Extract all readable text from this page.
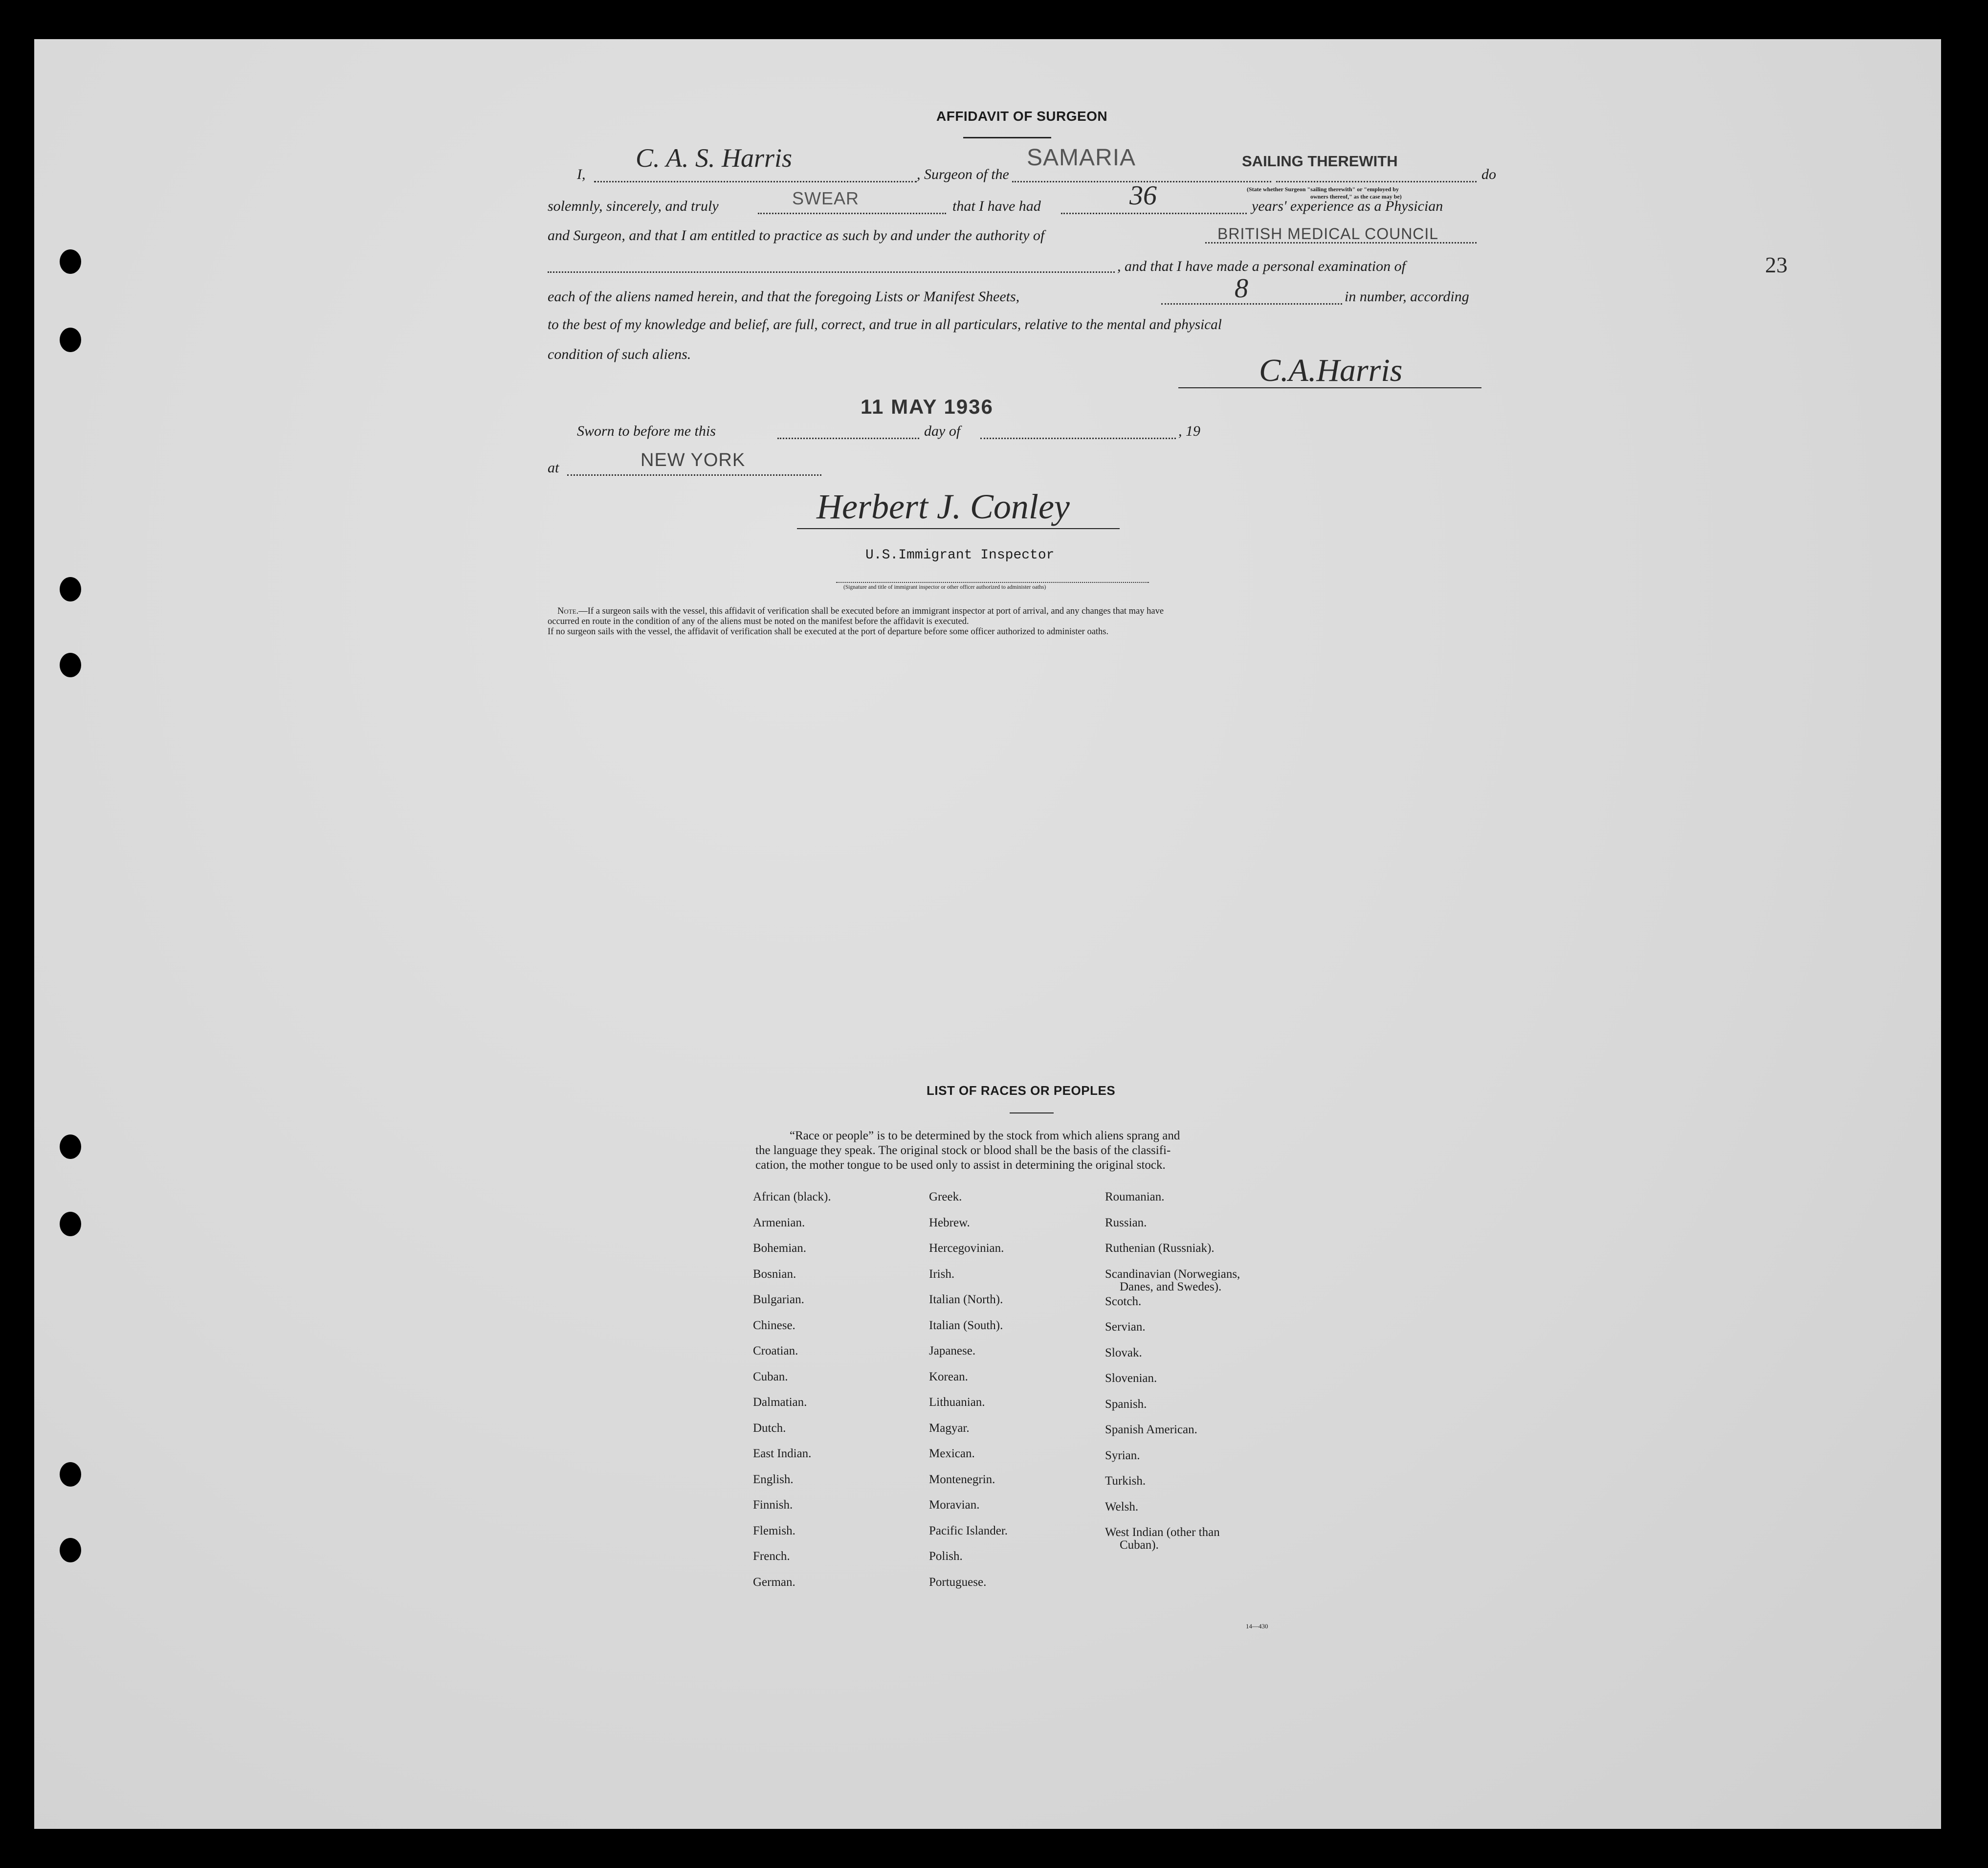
AFFIDAVIT OF SURGEON
I,
C. A. S. Harris
, Surgeon of the
SAMARIA	SAILING THEREWITH
do
(State whether Surgeon "sailing therewith" or "employed by
owners thereof," as the case may be)
solemnly, sincerely, and truly	SWEAR	that I have had	36	years' experience as a Physician
and Surgeon, and that I am entitled to practice as such by and under the authority of	BRITISH MEDICAL COUNCIL
, and that I have made a personal examination of
each of the aliens named herein, and that the foregoing Lists or Manifest Sheets,	8	in number, according
to the best of my knowledge and belief, are full, correct, and true in all particulars, relative to the mental and physical
condition of such aliens.	C.A.Harris
Sworn to before me this
11 MAY 1936
day of	, 19
at	NEW YORK
Herbert J. Conley
U.S.Immigrant Inspector
(Signature and title of immigrant inspector or other officer authorized to administer oaths)
Note.—If a surgeon sails with the vessel, this affidavit of verification shall be executed before an immigrant inspector at port of arrival, and any changes that may have
occurred en route in the condition of any of the aliens must be noted on the manifest before the affidavit is executed.
If no surgeon sails with the vessel, the affidavit of verification shall be executed at the port of departure before some officer authorized to administer oaths.
23
LIST OF RACES OR PEOPLES
“Race or people” is to be determined by the stock from which aliens sprang and
the language they speak. The original stock or blood shall be the basis of the classifi-
cation, the mother tongue to be used only to assist in determining the original stock.
African (black).
Armenian.
Bohemian.
Bosnian.
Bulgarian.
Chinese.
Croatian.
Cuban.
Dalmatian.
Dutch.
East Indian.
English.
Finnish.
Flemish.
French.
German.
Greek.
Hebrew.
Hercegovinian.
Irish.
Italian (North).
Italian (South).
Japanese.
Korean.
Lithuanian.
Magyar.
Mexican.
Montenegrin.
Moravian.
Pacific Islander.
Polish.
Portuguese.
Roumanian.
Russian.
Ruthenian (Russniak).
Scandinavian (Norwegians,
Danes, and Swedes).
Scotch.
Servian.
Slovak.
Slovenian.
Spanish.
Spanish American.
Syrian.
Turkish.
Welsh.
West Indian (other than
Cuban).
14—430
